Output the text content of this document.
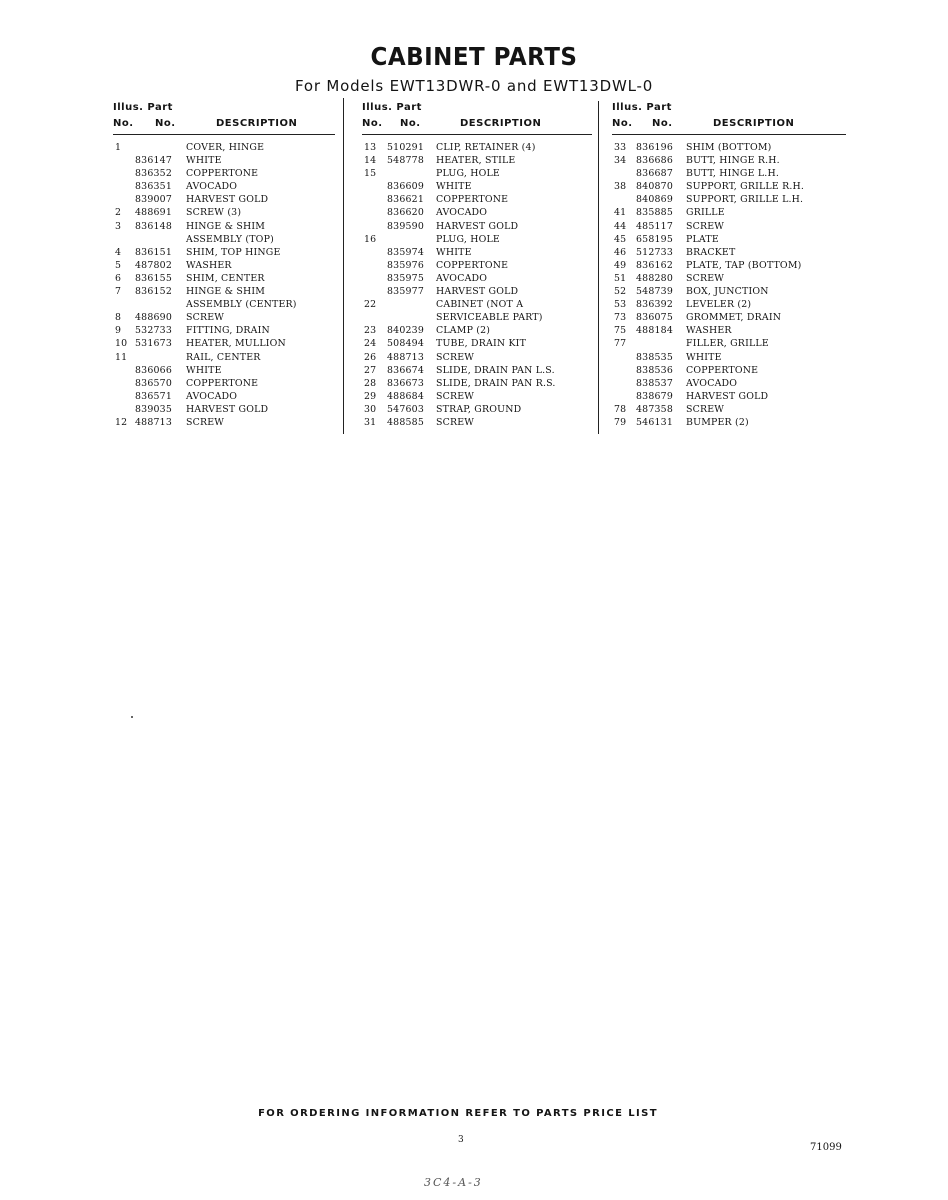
CABINET PARTS
For Models EWT13DWR-0 and EWT13DWL-0
Illus. Part
No. No.	DESCRIPTION
1	COVER, HINGE
836147 WHITE
836352 COPPERTONE
836351 AVOCADO
839007 HARVEST GOLD
2 488691 SCREW (3)
3 836148 HINGE & SHIM
ASSEMBLY (TOP)
4 836151 SHIM, TOP HINGE
5 487802 WASHER
6 836155 SHIM, CENTER
7 836152 HINGE & SHIM
ASSEMBLY (CENTER)
8 488690 SCREW
9 532733 FITTING, DRAIN
10 531673 HEATER, MULLION
11	RAIL, CENTER
836066 WHITE
836570 COPPERTONE
836571 AVOCADO
839035 HARVEST GOLD
12 488713 SCREW
Illus. Part
No. No.	DESCRIPTION
13 510291 CLIP, RETAINER (4)
14 548778 HEATER, STILE
15	PLUG, HOLE
836609 WHITE
836621 COPPERTONE
836620 AVOCADO
839590 HARVEST GOLD
16	PLUG, HOLE
835974 WHITE
835976 COPPERTONE
835975 AVOCADO
835977 HARVEST GOLD
22	CABINET (NOT A
SERVICEABLE PART)
23 840239 CLAMP (2)
24 508494 TUBE, DRAIN KIT
26 488713 SCREW
27 836674 SLIDE, DRAIN PAN L.S.
28 836673 SLIDE, DRAIN PAN R.S.
29 488684 SCREW
30 547603 STRAP, GROUND
31 488585 SCREW
Illus. Part
No. No.	DESCRIPTION
33 836196 SHIM (BOTTOM)
34 836686 BUTT, HINGE R.H.
836687 BUTT, HINGE L.H.
38 840870 SUPPORT, GRILLE R.H.
840869 SUPPORT, GRILLE L.H.
41 835885 GRILLE
44 485117 SCREW
45 658195 PLATE
46 512733 BRACKET
49 836162 PLATE, TAP (BOTTOM)
51 488280 SCREW
52 548739 BOX, JUNCTION
53 836392 LEVELER (2)
73 836075 GROMMET, DRAIN
75 488184 WASHER
77	FILLER, GRILLE
838535 WHITE
838536 COPPERTONE
838537 AVOCADO
838679 HARVEST GOLD
78 487358 SCREW
79 546131 BUMPER (2)
FOR ORDERING INFORMATION REFER TO PARTS PRICE LIST
3
71099
3C4-A-3
